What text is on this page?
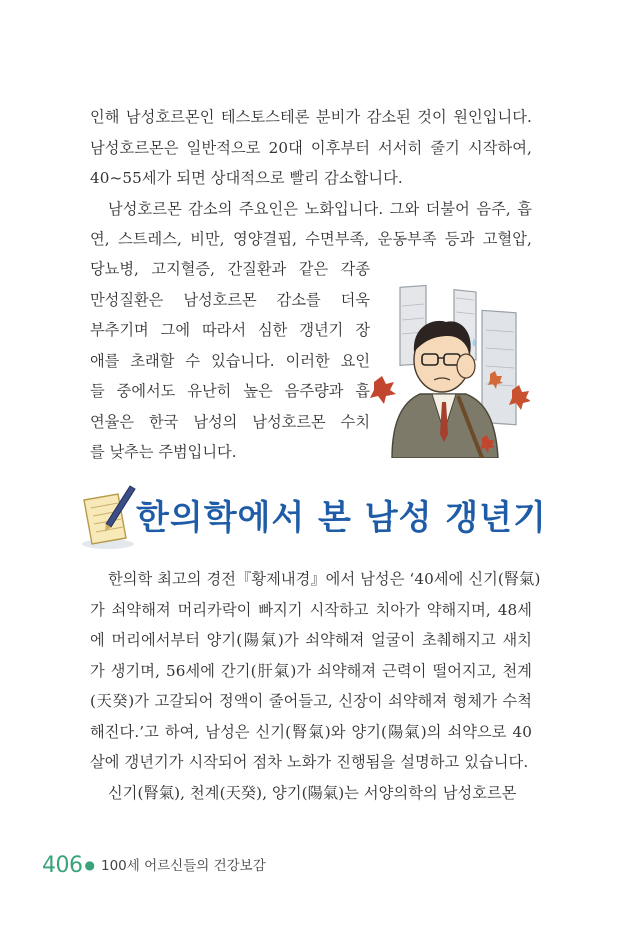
인해 남성호르몬인 테스토스테론 분비가 감소된 것이 원인입니다.
남성호르몬은 일반적으로 20대 이후부터 서서히 줄기 시작하여,
40~55세가 되면 상대적으로 빨리 감소합니다.
남성호르몬 감소의 주요인은 노화입니다. 그와 더불어 음주, 흡
연, 스트레스, 비만, 영양결핍, 수면부족, 운동부족 등과 고혈압,
당뇨병, 고지혈증, 간질환과 같은 각종
만성질환은 남성호르몬 감소를 더욱
부추기며 그에 따라서 심한 갱년기 장
애를 초래할 수 있습니다. 이러한 요인
들 중에서도 유난히 높은 음주량과 흡
연율은 한국 남성의 남성호르몬 수치
를 낮추는 주범입니다.
한의학에서 본 남성 갱년기
한의학 최고의 경전『황제내경』에서 남성은 ‘40세에 신기(腎氣)
가 쇠약해져 머리카락이 빠지기 시작하고 치아가 약해지며, 48세
에 머리에서부터 양기(陽氣)가 쇠약해져 얼굴이 초췌해지고 새치
가 생기며, 56세에 간기(肝氣)가 쇠약해져 근력이 떨어지고, 천계
(天癸)가 고갈되어 정액이 줄어들고, 신장이 쇠약해져 형체가 수척
해진다.’고 하여, 남성은 신기(腎氣)와 양기(陽氣)의 쇠약으로 40
살에 갱년기가 시작되어 점차 노화가 진행됨을 설명하고 있습니다.
신기(腎氣), 천계(天癸), 양기(陽氣)는 서양의학의 남성호르몬
406 ● 100세 어르신들의 건강보감
